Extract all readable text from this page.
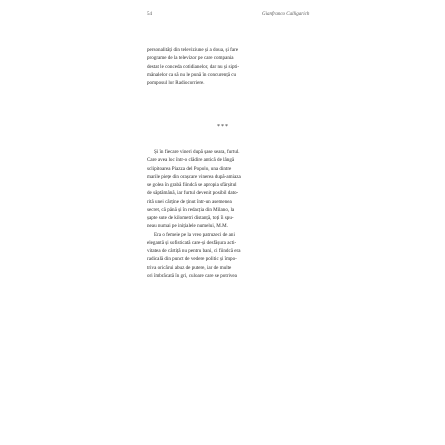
54	Gianfranco Calligarich
personalități din televiziune și a doua, și fare
programe de la televizor pe care compania
destat le conceda cotidianelor, dar nu și sipti-
mânalelor ca să nu le pună în concurență cu
pomposul lor Radiocorriere.
***
Și în fiecare vineri după șase seara, furtul.
Care avea loc într-o clădire antică de lângă
sclipitoarea Piazza del Popolo, una dintre
marile piețe din orașcare vinerea după-amiaza
se golea în grabă fiindcă se apropia sfârșitul
de săptămână, iar furtul devenit posibil dato-
rită unei cărține de ținut într-un asemenea
secret, că până și în redacția din Milano, la
șapte sute de kilometri distanță, toți îi spu-
neau numai pe inițialele numelui, M.M.
Era o femeie pe la vreo patruzeci de ani
elegantă și sofisticată care-și desfășura acti-
vitatea de cârtiță nu pentru bani, ci fiindcă era
radicală din punct de vedere politic și împo-
triva oricărui abuz de putere, iar de multe
ori îmbrăcată în gri, culoare care se potrivea
